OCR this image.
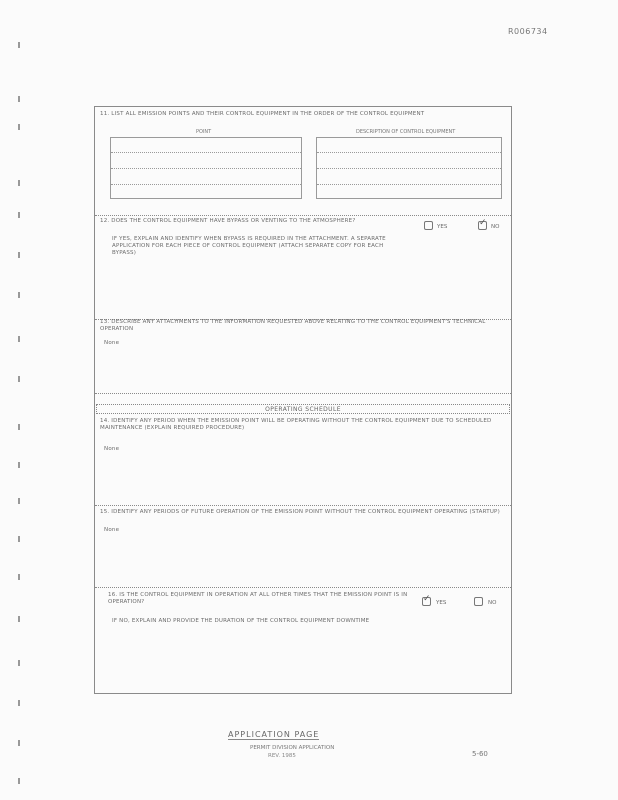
R006734
11. LIST ALL EMISSION POINTS AND THEIR CONTROL EQUIPMENT IN THE ORDER OF THE CONTROL EQUIPMENT
POINT	DESCRIPTION OF CONTROL EQUIPMENT
12. DOES THE CONTROL EQUIPMENT HAVE BYPASS OR VENTING TO THE ATMOSPHERE?
YES ✓	NO
IF YES, EXPLAIN AND IDENTIFY WHEN BYPASS IS REQUIRED IN THE ATTACHMENT. A SEPARATE APPLICATION FOR EACH PIECE OF CONTROL EQUIPMENT (ATTACH SEPARATE COPY FOR EACH BYPASS)
13. DESCRIBE ANY ATTACHMENTS TO THE INFORMATION REQUESTED ABOVE RELATING TO THE CONTROL EQUIPMENT'S TECHNICAL OPERATION
None
OPERATING SCHEDULE
14. IDENTIFY ANY PERIOD WHEN THE EMISSION POINT WILL BE OPERATING WITHOUT THE CONTROL EQUIPMENT DUE TO SCHEDULED MAINTENANCE (EXPLAIN REQUIRED PROCEDURE)
None
15. IDENTIFY ANY PERIODS OF FUTURE OPERATION OF THE EMISSION POINT WITHOUT THE CONTROL EQUIPMENT OPERATING (STARTUP)
None
16. IS THE CONTROL EQUIPMENT IN OPERATION AT ALL OTHER TIMES THAT THE EMISSION POINT IS IN OPERATION? ✓	YES	NO
IF NO, EXPLAIN AND PROVIDE THE DURATION OF THE CONTROL EQUIPMENT DOWNTIME
APPLICATION PAGE
PERMIT DIVISION APPLICATION
REV. 1985	5-60
